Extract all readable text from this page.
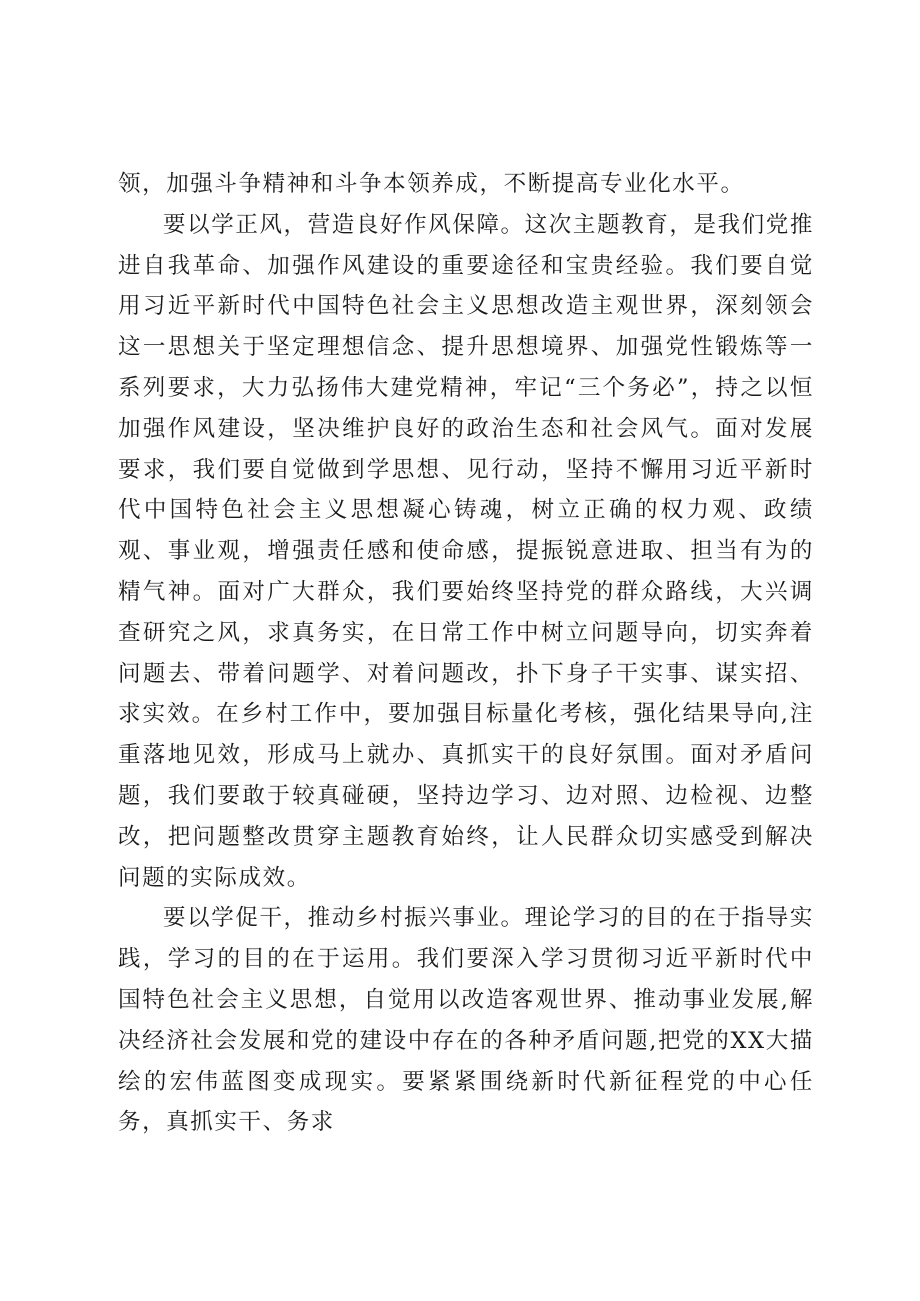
领，加强斗争精神和斗争本领养成，不断提高专业化水平。

要以学正风，营造良好作风保障。这次主题教育，是我们党推进自我革命、加强作风建设的重要途径和宝贵经验。我们要自觉用习近平新时代中国特色社会主义思想改造主观世界，深刻领会这一思想关于坚定理想信念、提升思想境界、加强党性锻炼等一系列要求，大力弘扬伟大建党精神，牢记“三个务必”，持之以恒加强作风建设，坚决维护良好的政治生态和社会风气。面对发展要求，我们要自觉做到学思想、见行动，坚持不懈用习近平新时代中国特色社会主义思想凝心铸魂，树立正确的权力观、政绩观、事业观，增强责任感和使命感，提振锐意进取、担当有为的精气神。面对广大群众，我们要始终坚持党的群众路线，大兴调查研究之风，求真务实，在日常工作中树立问题导向，切实奔着问题去、带着问题学、对着问题改，扑下身子干实事、谋实招、求实效。在乡村工作中，要加强目标量化考核，强化结果导向,注重落地见效，形成马上就办、真抓实干的良好氛围。面对矛盾问题，我们要敢于较真碰硬，坚持边学习、边对照、边检视、边整改，把问题整改贯穿主题教育始终，让人民群众切实感受到解决问题的实际成效。

要以学促干，推动乡村振兴事业。理论学习的目的在于指导实践，学习的目的在于运用。我们要深入学习贯彻习近平新时代中国特色社会主义思想，自觉用以改造客观世界、推动事业发展,解决经济社会发展和党的建设中存在的各种矛盾问题,把党的XX大描绘的宏伟蓝图变成现实。要紧紧围绕新时代新征程党的中心任务，真抓实干、务求
